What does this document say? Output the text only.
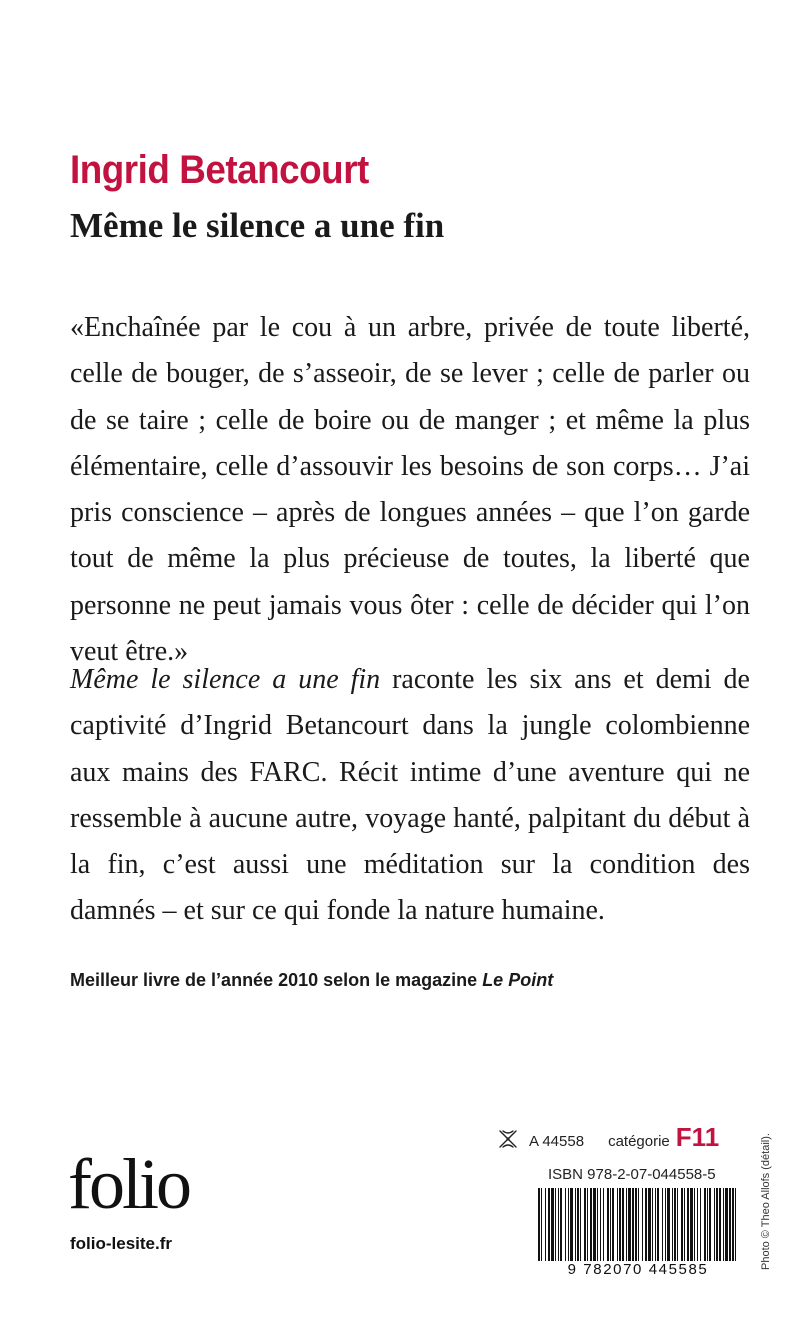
Ingrid Betancourt
Même le silence a une fin

«Enchaînée par le cou à un arbre, privée de toute liberté, celle de bouger, de s’asseoir, de se lever ; celle de parler ou de se taire ; celle de boire ou de manger ; et même la plus élémentaire, celle d’assouvir les besoins de son corps… J’ai pris conscience – après de longues années – que l’on garde tout de même la plus précieuse de toutes, la liberté que personne ne peut jamais vous ôter : celle de décider qui l’on veut être.»

Même le silence a une fin raconte les six ans et demi de captivité d’Ingrid Betancourt dans la jungle colombienne aux mains des FARC. Récit intime d’une aventure qui ne ressemble à aucune autre, voyage hanté, palpitant du début à la fin, c’est aussi une méditation sur la condition des damnés – et sur ce qui fonde la nature humaine.

Meilleur livre de l’année 2010 selon le magazine Le Point

folio
folio-lesite.fr
A 44558 catégorie F11
ISBN 978-2-07-044558-5
9 782070 445585	Photo © Theo Allofs (détail).
